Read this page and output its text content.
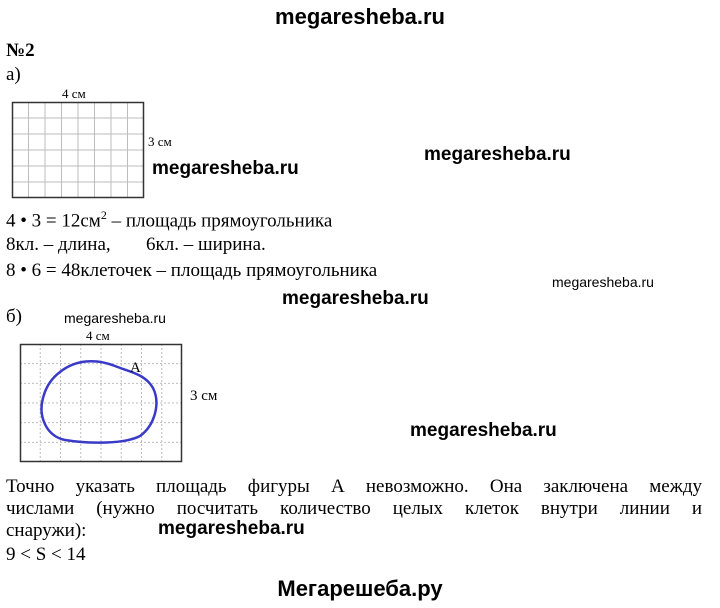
megaresheba.ru
№2
а)
4 см
3 см
4 • $3 = 12см^2$ – площадь прямоугольника
8кл. – длина, 6кл. – ширина.
8 • 6 = 48клеточек – площадь прямоугольника
б)
4 см
А
3 см
Точно указать площадь фигуры А невозможно. Она заключена между
числами (нужно посчитать количество целых клеток внутри линии и
снаружи):
9 < S < 14
megaresheba.ru
megaresheba.ru
megaresheba.ru
megaresheba.ru
megaresheba.ru
megaresheba.ru
megaresheba.ru
Мегарешеба.ру
